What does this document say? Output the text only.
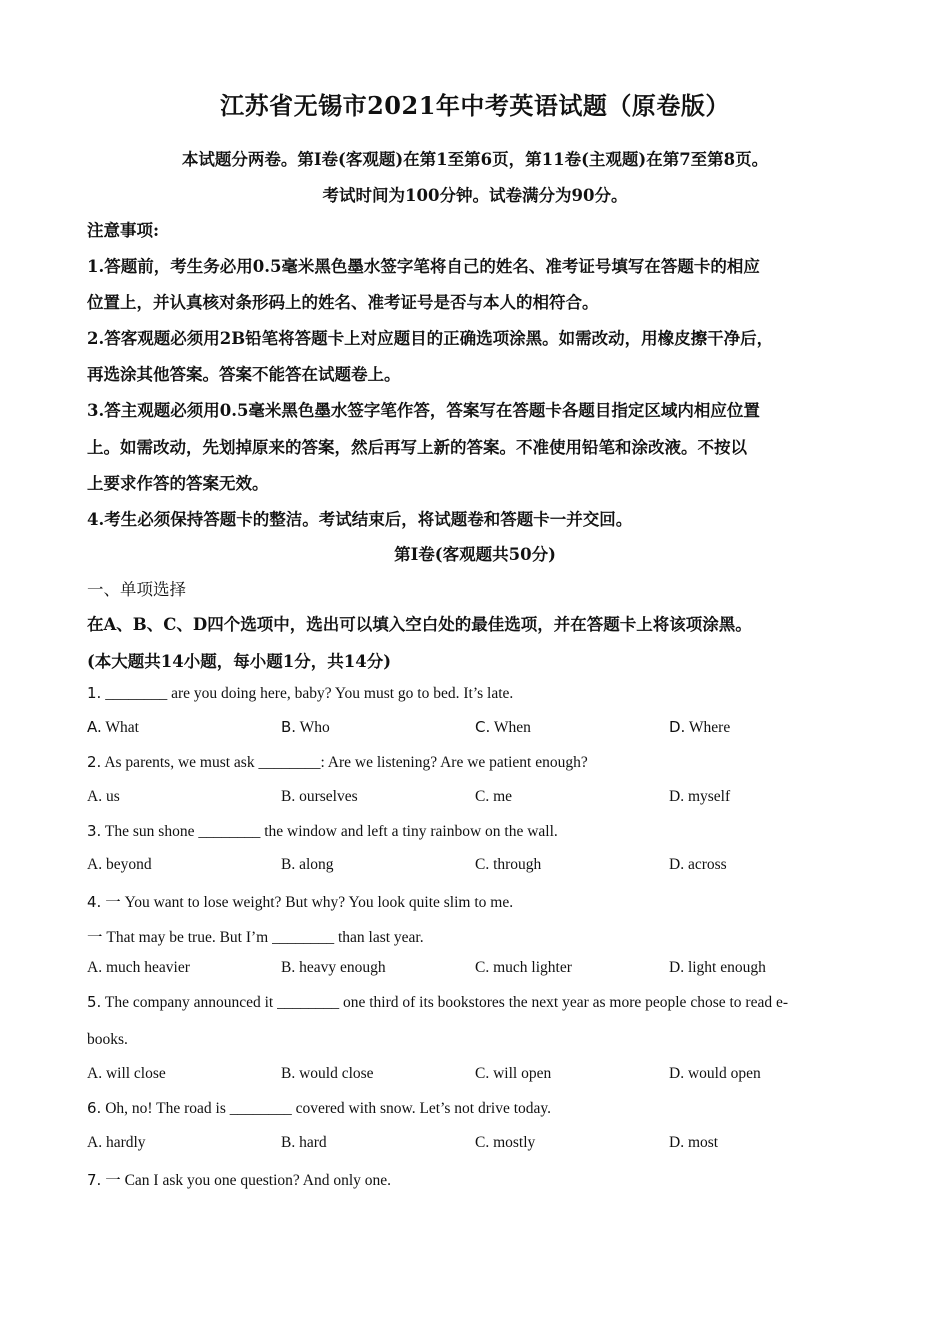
江苏省无锡市2021年中考英语试题（原卷版）
本试题分两卷。第I卷(客观题)在第1至第6页，第11卷(主观题)在第7至第8页。
考试时间为100分钟。试卷满分为90分。
注意事项:
1.答题前，考生务必用0.5毫米黑色墨水签字笔将自己的姓名、准考证号填写在答题卡的相应
位置上，并认真核对条形码上的姓名、准考证号是否与本人的相符合。
2.答客观题必须用2B铅笔将答题卡上对应题目的正确选项涂黑。如需改动，用橡皮擦干净后，
再选涂其他答案。答案不能答在试题卷上。
3.答主观题必须用0.5毫米黑色墨水签字笔作答，答案写在答题卡各题目指定区域内相应位置
上。如需改动，先划掉原来的答案，然后再写上新的答案。不准使用铅笔和涂改液。不按以
上要求作答的答案无效。
4.考生必须保持答题卡的整洁。考试结束后，将试题卷和答题卡一并交回。
第I卷(客观题共50分)
一、单项选择
在A、B、C、D四个选项中，选出可以填入空白处的最佳选项，并在答题卡上将该项涂黑。
(本大题共14小题，每小题1分，共14分)
1. ________ are you doing here, baby? You must go to bed. It’s late.
A. What	B. Who	C. When	D. Where
2. As parents, we must ask ________: Are we listening? Are we patient enough?
A. us	B. ourselves	C. me	D. myself
3. The sun shone ________ the window and left a tiny rainbow on the wall.
A. beyond	B. along	C. through	D. across
4. 一 You want to lose weight? But why? You look quite slim to me.
一 That may be true. But I’m ________ than last year.
A. much heavier	B. heavy enough	C. much lighter	D. light enough
5. The company announced it ________ one third of its bookstores the next year as more people chose to read e-
books.
A. will close	B. would close	C. will open	D. would open
6. Oh, no! The road is ________ covered with snow. Let’s not drive today.
A. hardly	B. hard	C. mostly	D. most
7. 一 Can I ask you one question? And only one.
